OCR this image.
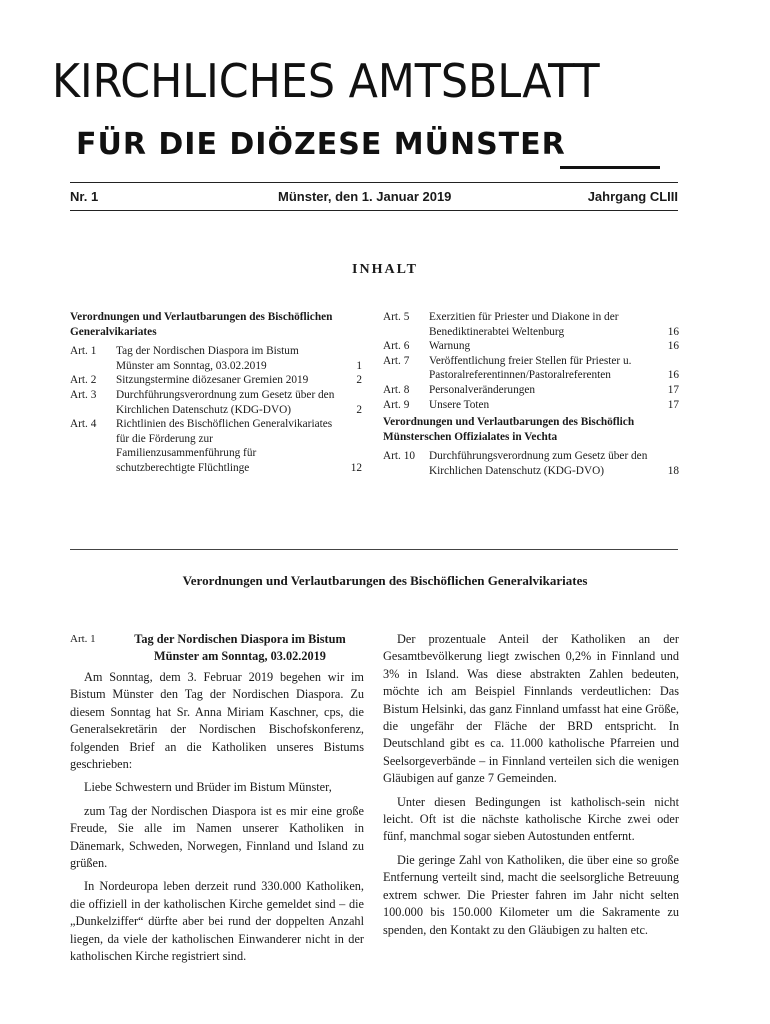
KIRCHLICHES AMTSBLATT
FÜR DIE DIÖZESE MÜNSTER
Nr. 1	Münster, den 1. Januar 2019	Jahrgang CLIII
INHALT
Verordnungen und Verlautbarungen des Bischöflichen Generalvikariates
Art. 1	Tag der Nordischen Diaspora im Bistum Münster am Sonntag, 03.02.2019	1
Art. 2	Sitzungstermine diözesaner Gremien 2019	2
Art. 3	Durchführungsverordnung zum Gesetz über den Kirchlichen Datenschutz (KDG-DVO)	2
Art. 4	Richtlinien des Bischöflichen Generalvikariates für die Förderung zur Familienzusammenführung für schutzberechtigte Flüchtlinge	12
Art. 5	Exerzitien für Priester und Diakone in der Benediktinerabtei Weltenburg	16
Art. 6	Warnung	16
Art. 7	Veröffentlichung freier Stellen für Priester u. Pastoralreferentinnen/Pastoralreferenten	16
Art. 8	Personalveränderungen	17
Art. 9	Unsere Toten	17
Verordnungen und Verlautbarungen des Bischöflich Münsterschen Offizialates in Vechta
Art. 10	Durchführungsverordnung zum Gesetz über den Kirchlichen Datenschutz (KDG-DVO)	18
Verordnungen und Verlautbarungen des Bischöflichen Generalvikariates
Art. 1	Tag der Nordischen Diaspora im Bistum Münster am Sonntag, 03.02.2019

Am Sonntag, dem 3. Februar 2019 begehen wir im Bistum Münster den Tag der Nordischen Diaspora. Zu diesem Sonntag hat Sr. Anna Miriam Kaschner, cps, die Generalsekretärin der Nordischen Bischofskonferenz, folgenden Brief an die Katholiken unseres Bistums geschrieben:

Liebe Schwestern und Brüder im Bistum Münster,

zum Tag der Nordischen Diaspora ist es mir eine große Freude, Sie alle im Namen unserer Katholiken in Dänemark, Schweden, Norwegen, Finnland und Island zu grüßen.

In Nordeuropa leben derzeit rund 330.000 Katholiken, die offiziell in der katholischen Kirche gemeldet sind – die „Dunkelziffer“ dürfte aber bei rund der doppelten Anzahl liegen, da viele der katholischen Einwanderer nicht in der katholischen Kirche registriert sind.

Der prozentuale Anteil der Katholiken an der Gesamtbevölkerung liegt zwischen 0,2% in Finnland und 3% in Island. Was diese abstrakten Zahlen bedeuten, möchte ich am Beispiel Finnlands verdeutlichen: Das Bistum Helsinki, das ganz Finnland umfasst hat eine Größe, die ungefähr der Fläche der BRD entspricht. In Deutschland gibt es ca. 11.000 katholische Pfarreien und Seelsorgeverbände – in Finnland verteilen sich die wenigen Gläubigen auf ganze 7 Gemeinden.

Unter diesen Bedingungen ist katholisch-sein nicht leicht. Oft ist die nächste katholische Kirche zwei oder fünf, manchmal sogar sieben Autostunden entfernt.

Die geringe Zahl von Katholiken, die über eine so große Entfernung verteilt sind, macht die seelsorgliche Betreuung extrem schwer. Die Priester fahren im Jahr nicht selten 100.000 bis 150.000 Kilometer um die Sakramente zu spenden, den Kontakt zu den Gläubigen zu halten etc.
